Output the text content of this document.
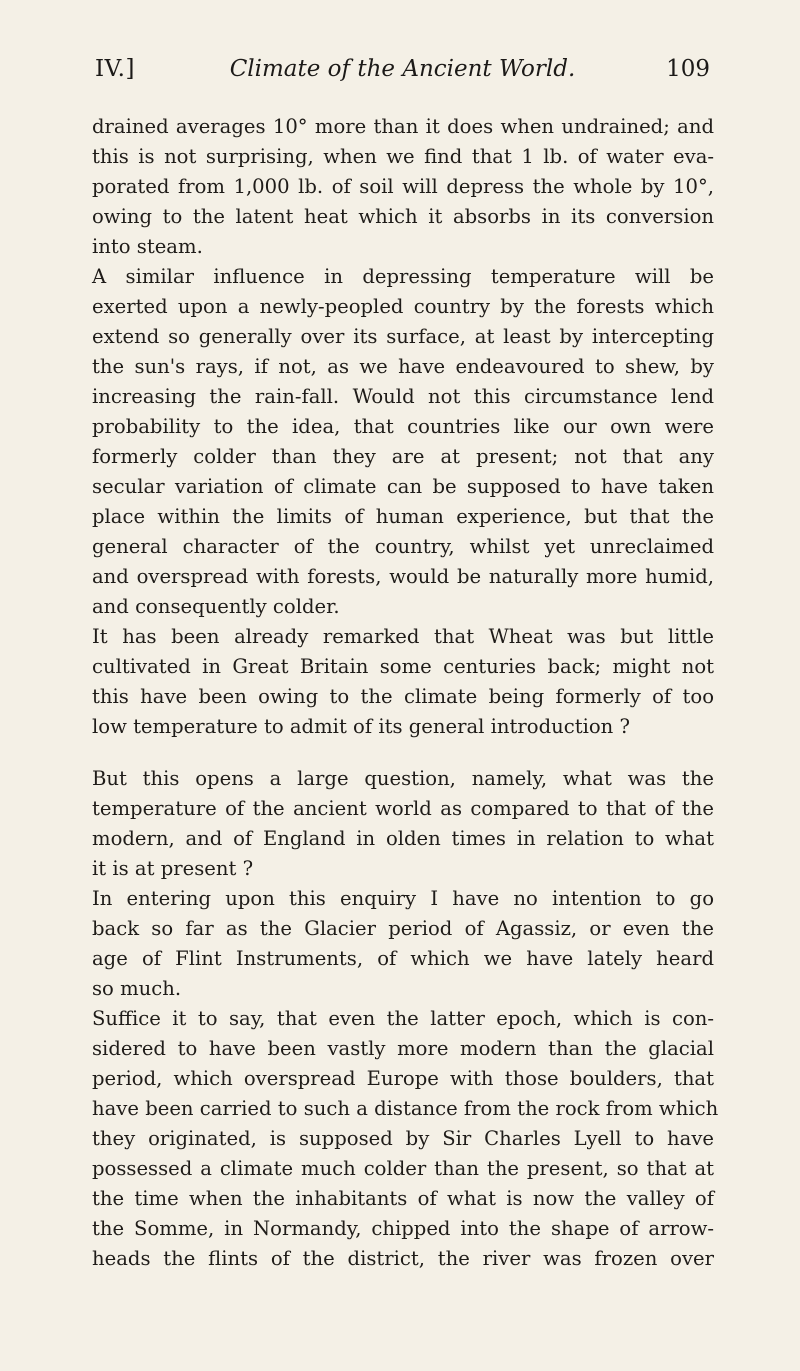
IV.]	Climate of the Ancient World.	109
drained averages 10° more than it does when undrained; and
this is not surprising, when we find that 1 lb. of water eva-
porated from 1,000 lb. of soil will depress the whole by 10°,
owing to the latent heat which it absorbs in its conversion
into steam.
A similar influence in depressing temperature will be
exerted upon a newly-peopled country by the forests which
extend so generally over its surface, at least by intercepting
the sun's rays, if not, as we have endeavoured to shew, by
increasing the rain-fall. Would not this circumstance lend
probability to the idea, that countries like our own were
formerly colder than they are at present; not that any
secular variation of climate can be supposed to have taken
place within the limits of human experience, but that the
general character of the country, whilst yet unreclaimed
and overspread with forests, would be naturally more humid,
and consequently colder.
It has been already remarked that Wheat was but little
cultivated in Great Britain some centuries back; might not
this have been owing to the climate being formerly of too
low temperature to admit of its general introduction ?
But this opens a large question, namely, what was the
temperature of the ancient world as compared to that of the
modern, and of England in olden times in relation to what
it is at present ?
In entering upon this enquiry I have no intention to go
back so far as the Glacier period of Agassiz, or even the
age of Flint Instruments, of which we have lately heard
so much.
Suffice it to say, that even the latter epoch, which is con-
sidered to have been vastly more modern than the glacial
period, which overspread Europe with those boulders, that
have been carried to such a distance from the rock from which
they originated, is supposed by Sir Charles Lyell to have
possessed a climate much colder than the present, so that at
the time when the inhabitants of what is now the valley of
the Somme, in Normandy, chipped into the shape of arrow-
heads the flints of the district, the river was frozen over
